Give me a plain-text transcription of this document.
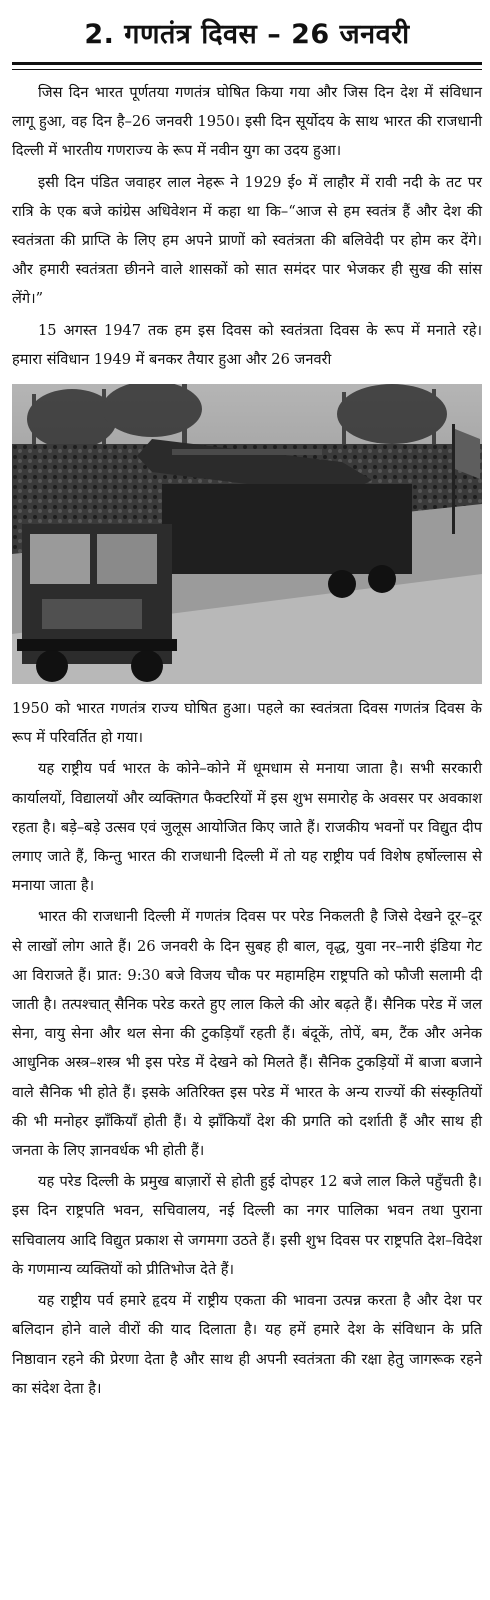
2. गणतंत्र दिवस – 26 जनवरी

जिस दिन भारत पूर्णतया गणतंत्र घोषित किया गया और जिस दिन देश में संविधान लागू हुआ, वह दिन है–26 जनवरी 1950। इसी दिन सूर्योदय के साथ भारत की राजधानी दिल्ली में भारतीय गणराज्य के रूप में नवीन युग का उदय हुआ।

इसी दिन पंडित जवाहर लाल नेहरू ने 1929 ई० में लाहौर में रावी नदी के तट पर रात्रि के एक बजे कांग्रेस अधिवेशन में कहा था कि–“आज से हम स्वतंत्र हैं और देश की स्वतंत्रता की प्राप्ति के लिए हम अपने प्राणों को स्वतंत्रता की बलिवेदी पर होम कर देंगे। और हमारी स्वतंत्रता छीनने वाले शासकों को सात समंदर पार भेजकर ही सुख की सांस लेंगे।”

15 अगस्त 1947 तक हम इस दिवस को स्वतंत्रता दिवस के रूप में मनाते रहे। हमारा संविधान 1949 में बनकर तैयार हुआ और 26 जनवरी

1950 को भारत गणतंत्र राज्य घोषित हुआ। पहले का स्वतंत्रता दिवस गणतंत्र दिवस के रूप में परिवर्तित हो गया।

यह राष्ट्रीय पर्व भारत के कोने–कोने में धूमधाम से मनाया जाता है। सभी सरकारी कार्यालयों, विद्यालयों और व्यक्तिगत फैक्टरियों में इस शुभ समारोह के अवसर पर अवकाश रहता है। बड़े–बड़े उत्सव एवं जुलूस आयोजित किए जाते हैं। राजकीय भवनों पर विद्युत दीप लगाए जाते हैं, किन्तु भारत की राजधानी दिल्ली में तो यह राष्ट्रीय पर्व विशेष हर्षोल्लास से मनाया जाता है।

भारत की राजधानी दिल्ली में गणतंत्र दिवस पर परेड निकलती है जिसे देखने दूर–दूर से लाखों लोग आते हैं। 26 जनवरी के दिन सुबह ही बाल, वृद्ध, युवा नर–नारी इंडिया गेट आ विराजते हैं। प्रात: 9:30 बजे विजय चौक पर महामहिम राष्ट्रपति को फौजी सलामी दी जाती है। तत्पश्चात् सैनिक परेड करते हुए लाल किले की ओर बढ़ते हैं। सैनिक परेड में जल सेना, वायु सेना और थल सेना की टुकड़ियाँ रहती हैं। बंदूकें, तोपें, बम, टैंक और अनेक आधुनिक अस्त्र–शस्त्र भी इस परेड में देखने को मिलते हैं। सैनिक टुकड़ियों में बाजा बजाने वाले सैनिक भी होते हैं। इसके अतिरिक्त इस परेड में भारत के अन्य राज्यों की संस्कृतियों की भी मनोहर झाँकियाँ होती हैं। ये झाँकियाँ देश की प्रगति को दर्शाती हैं और साथ ही जनता के लिए ज्ञानवर्धक भी होती हैं।

यह परेड दिल्ली के प्रमुख बाज़ारों से होती हुई दोपहर 12 बजे लाल किले पहुँचती है। इस दिन राष्ट्रपति भवन, सचिवालय, नई दिल्ली का नगर पालिका भवन तथा पुराना सचिवालय आदि विद्युत प्रकाश से जगमगा उठते हैं। इसी शुभ दिवस पर राष्ट्रपति देश–विदेश के गणमान्य व्यक्तियों को प्रीतिभोज देते हैं।

यह राष्ट्रीय पर्व हमारे हृदय में राष्ट्रीय एकता की भावना उत्पन्न करता है और देश पर बलिदान होने वाले वीरों की याद दिलाता है। यह हमें हमारे देश के संविधान के प्रति निष्ठावान रहने की प्रेरणा देता है और साथ ही अपनी स्वतंत्रता की रक्षा हेतु जागरूक रहने का संदेश देता है।
